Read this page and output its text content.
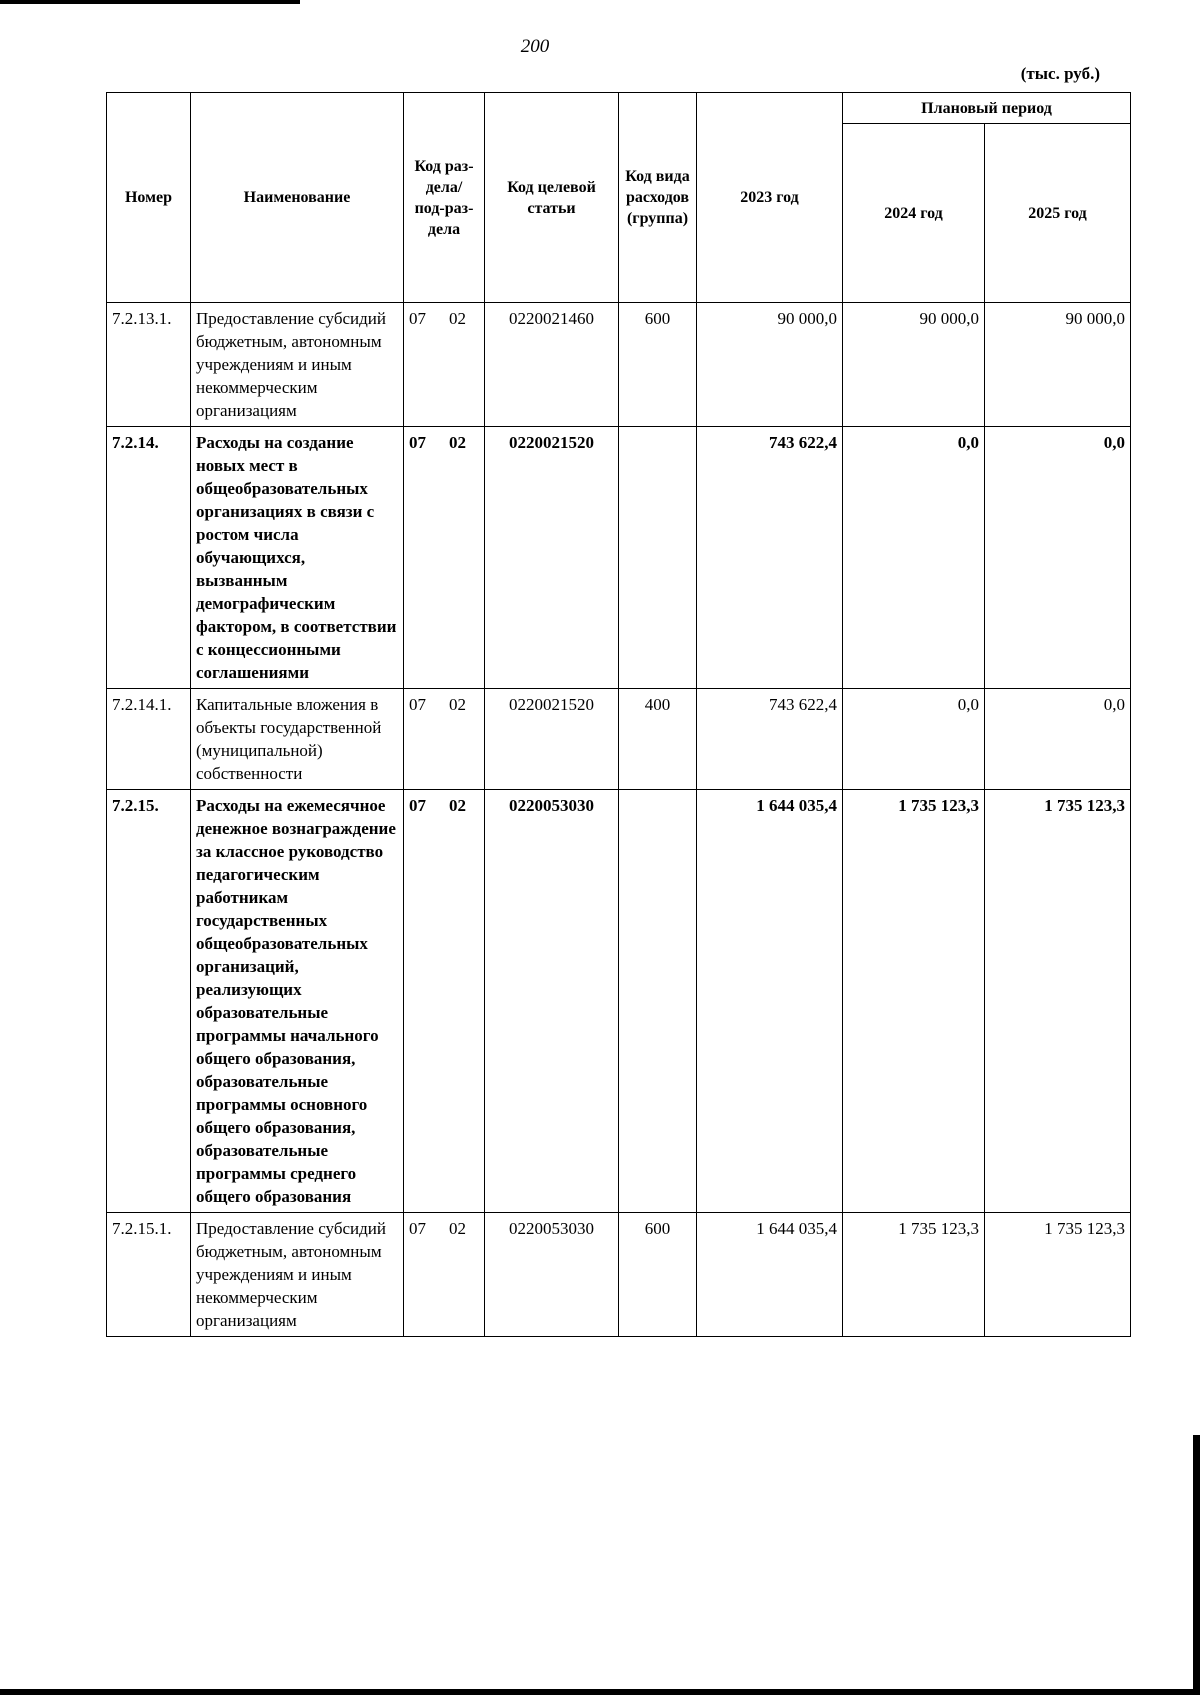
200
(тыс. руб.)
Номер	Наименование	Код раз-дела/ под-раз-дела	Код целевой статьи	Код вида расходов (группа)	2023 год	Плановый период	
						2024 год	2025 год
7.2.13.1.	Предоставление субсидий бюджетным, автономным учреждениям и иным некоммерческим организациям	07 02	0220021460	600	90 000,0	90 000,0	90 000,0
7.2.14.	Расходы на создание новых мест в общеобразовательных организациях в связи с ростом числа обучающихся, вызванным демографическим фактором, в соответствии с концессионными соглашениями	07 02	0220021520		743 622,4	0,0	0,0
7.2.14.1.	Капитальные вложения в объекты государственной (муниципальной) собственности	07 02	0220021520	400	743 622,4	0,0	0,0
7.2.15.	Расходы на ежемесячное денежное вознаграждение за классное руководство педагогическим работникам государственных общеобразовательных организаций, реализующих образовательные программы начального общего образования, образовательные программы основного общего образования, образовательные программы среднего общего образования	07 02	0220053030		1 644 035,4	1 735 123,3	1 735 123,3
7.2.15.1.	Предоставление субсидий бюджетным, автономным учреждениям и иным некоммерческим организациям	07 02	0220053030	600	1 644 035,4	1 735 123,3	1 735 123,3
